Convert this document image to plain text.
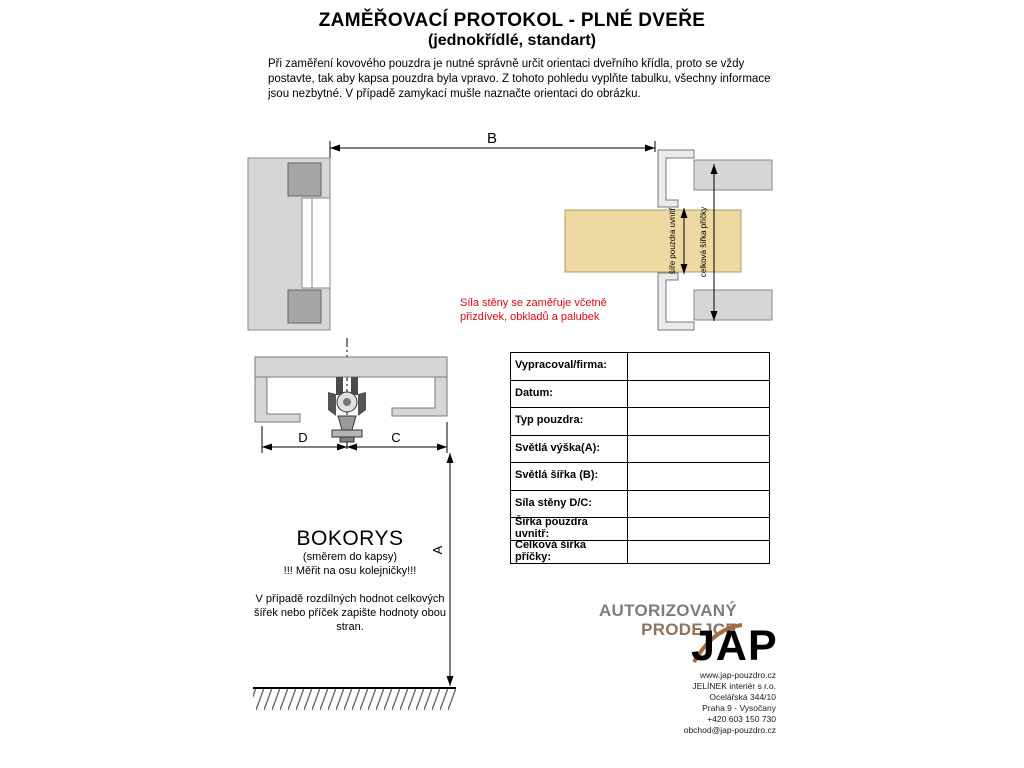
ZAMĚŘOVACÍ PROTOKOL - PLNÉ DVEŘE
(jednokřídlé, standart)
Při zaměření kovového pouzdra je nutné správně určit orientaci dveřního křídla, proto se vždy postavte, tak aby kapsa pouzdra byla vpravo. Z tohoto pohledu vyplňte tabulku, všechny informace jsou nezbytné. V případě zamykací mušle naznačte orientaci do obrázku.
B
šíře pouzdra uvnitř	celková šířka příčky
Síla stěny se zaměřuje včetně přizdívek, obkladů a palubek
D	C
A
BOKORYS
(směrem do kapsy)
!!! Měřit na osu kolejničky!!!
V případě rozdílných hodnot celkových šířek nebo příček zapište hodnoty obou stran.
Vypracoval/firma:
Datum:
Typ pouzdra:
Světlá výška(A):
Světlá šířka (B):
Síla stěny D/C:
Šířka pouzdra uvnitř:
Celková šířka příčky:
AUTORIZOVANÝ
PRODEJCE
JAP
www.jap-pouzdro.cz
JELÍNEK interiér s r.o.
Ocelářská 344/10
Praha 9 - Vysočany
+420 603 150 730
obchod@jap-pouzdro.cz
